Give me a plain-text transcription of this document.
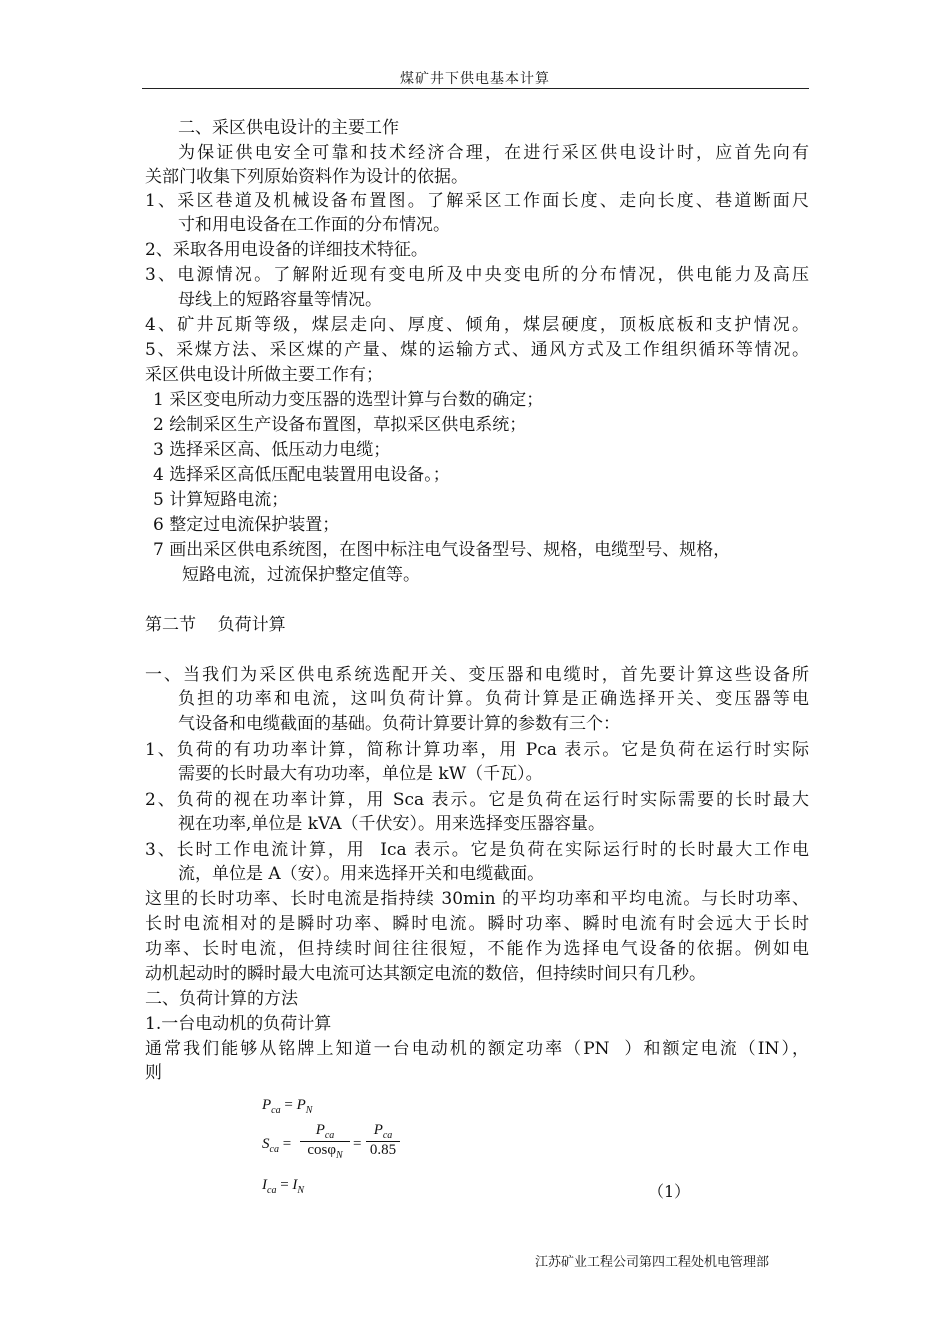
煤矿井下供电基本计算
二、采区供电设计的主要工作
为保证供电安全可靠和技术经济合理，在进行采区供电设计时，应首先向有
关部门收集下列原始资料作为设计的依据。
1、采区巷道及机械设备布置图。了解采区工作面长度、走向长度、巷道断面尺
寸和用电设备在工作面的分布情况。
2、采取各用电设备的详细技术特征。
3、电源情况。了解附近现有变电所及中央变电所的分布情况，供电能力及高压
母线上的短路容量等情况。
4、矿井瓦斯等级，煤层走向、厚度、倾角，煤层硬度，顶板底板和支护情况。
5、采煤方法、采区煤的产量、煤的运输方式、通风方式及工作组织循环等情况。
采区供电设计所做主要工作有；
1 采区变电所动力变压器的选型计算与台数的确定；
2 绘制采区生产设备布置图，草拟采区供电系统；
3 选择采区高、低压动力电缆；
4 选择采区高低压配电装置用电设备。；
5 计算短路电流；
6 整定过电流保护装置；
7 画出采区供电系统图，在图中标注电气设备型号、规格，电缆型号、规格，
短路电流，过流保护整定值等。
第二节    负荷计算
一、当我们为采区供电系统选配开关、变压器和电缆时，首先要计算这些设备所
负担的功率和电流，这叫负荷计算。负荷计算是正确选择开关、变压器等电
气设备和电缆截面的基础。负荷计算要计算的参数有三个：
1、负荷的有功功率计算，简称计算功率，用 Pca 表示。它是负荷在运行时实际
需要的长时最大有功功率，单位是 kW（千瓦）。
2、负荷的视在功率计算，用 Sca 表示。它是负荷在运行时实际需要的长时最大
视在功率,单位是 kVA（千伏安）。用来选择变压器容量。
3、长时工作电流计算，用  Ica 表示。它是负荷在实际运行时的长时最大工作电
流，单位是 A（安）。用来选择开关和电缆截面。
这里的长时功率、长时电流是指持续 30min 的平均功率和平均电流。与长时功率、
长时电流相对的是瞬时功率、瞬时电流。瞬时功率、瞬时电流有时会远大于长时
功率、长时电流，但持续时间往往很短，不能作为选择电气设备的依据。例如电
动机起动时的瞬时最大电流可达其额定电流的数倍，但持续时间只有几秒。
二、负荷计算的方法
1.一台电动机的负荷计算
通常我们能够从铭牌上知道一台电动机的额定功率（PN  ）和额定电流（IN），
则
$P_{ca} = P_N$
$S_{ca}$ =
$P_{ca}$
cosφ$_N$
=
$P_{ca}$
0.85
$I_{ca} = I_N$	（1）
江苏矿业工程公司第四工程处机电管理部
